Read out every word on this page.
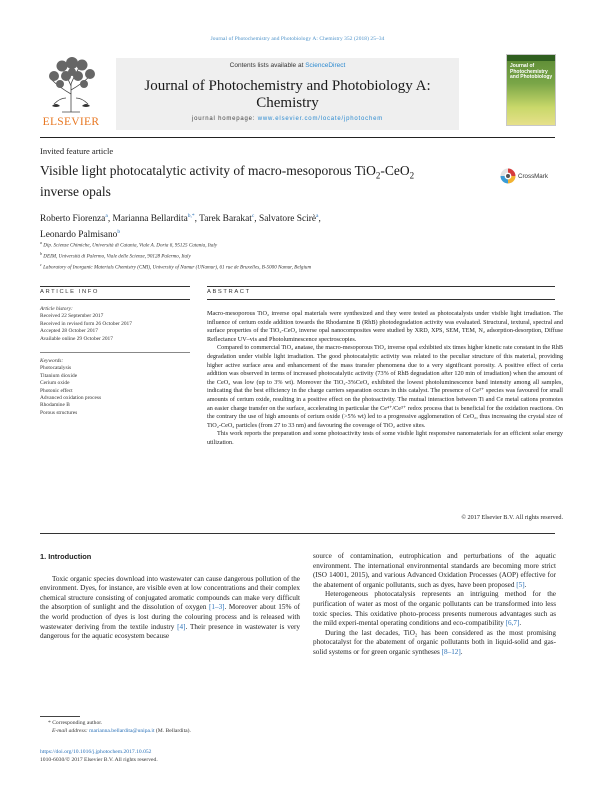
Journal of Photochemistry and Photobiology A: Chemistry 352 (2018) 25–34
ELSEVIER
Contents lists available at ScienceDirect
Journal of Photochemistry and Photobiology A: Chemistry
journal homepage: www.elsevier.com/locate/jphotochem
Journal of Photochemistry and Photobiology
Invited feature article
Visible light photocatalytic activity of macro-mesoporous TiO$_2$-CeO$_2$
inverse opals
CrossMark
Roberto Fiorenza$^a$, Marianna Bellardita$^{b,*}$, Tarek Barakat$^c$, Salvatore Scirè$^a$,
Leonardo Palmisano$^b$
$^a$ Dip. Scienze Chimiche, Università di Catania, Viale A. Doria 6, 95125 Catania, Italy
$^b$ DEIM, Università di Palermo, Viale delle Scienze, 90128 Palermo, Italy
$^c$ Laboratory of Inorganic Materials Chemistry (CMI), University of Namur (UNamur), 61 rue de Bruxelles, B-5000 Namur, Belgium
ARTICLE INFO	ABSTRACT
Article history:
Received 22 September 2017
Received in revised form 26 October 2017
Accepted 28 October 2017
Available online 29 October 2017
Keywords:
Photocatalysis
Titanium dioxide
Cerium oxide
Photonic effect
Advanced oxidation process
Rhodamine B
Porous structures

Macro-mesoporous TiO₂ inverse opal materials were synthesized and they were tested as photocatalysts under visible light irradiation. The influence of cerium oxide addition towards the Rhodamine B (RhB) photodegradation activity was evaluated. Structural, textural, spectral and surface properties of the TiO₂-CeO₂ inverse opal nanocomposites were studied by XRD, XPS, SEM, TEM, N₂ adsorption-desorption, Diffuse Reflectance UV–vis and Photoluminescence spectroscopies.

Compared to commercial TiO₂ anatase, the macro-mesoporous TiO₂ inverse opal exhibited six times higher kinetic rate constant in the RhB degradation under visible light irradiation. The good photocatalytic activity was related to the peculiar structure of this material, providing higher active surface area and enhancement of the mass transfer phenomena due to a very significant porosity. A positive effect of ceria addition was observed in terms of increased photocatalytic activity (73% of RhB degradation after 120 min of irradiation) when the amount of the CeO₂ was low (up to 3% wt). Moreover the TiO₂-3%CeO₂ exhibited the lowest photoluminescence band intensity among all samples, indicating that the best efficiency in the charge carriers separation occurs in this catalyst. The presence of Ce³⁺ species was favoured for small amounts of cerium oxide, resulting in a positive effect on the photoactivity. The mutual interaction between Ti and Ce metal cations promotes an easier charge transfer on the surface, accelerating in particular the Ce⁴⁺/Ce³⁺ redox process that is beneficial for the oxidation reactions. On the contrary the use of high amounts of cerium oxide (>5% wt) led to a progressive agglomeration of CeO₂, thus increasing the crystal size of TiO₂-CeO₂ particles (from 27 to 33 nm) and favouring the coverage of TiO₂ active sites.

This work reports the preparation and some photoactivity tests of some visible light responsive nanomaterials for an efficient solar energy utilization.

© 2017 Elsevier B.V. All rights reserved.

1. Introduction

Toxic organic species download into wastewater can cause dangerous pollution of the environment. Dyes, for instance, are visible even at low concentrations and their complex chemical structure consisting of conjugated aromatic compounds can make very difficult the absorption of sunlight and the dissolution of oxygen [1–3]. Moreover about 15% of the world production of dyes is lost during the colouring process and is released with wastewater deriving from the textile industry [4]. Their presence in wastewater is very dangerous for the aquatic ecosystem because

source of contamination, eutrophication and perturbations of the aquatic environment. The international environmental standards are becoming more strict (ISO 14001, 2015), and various Advanced Oxidation Processes (AOP) effective for the abatement of organic pollutants, such as dyes, have been proposed [5].

Heterogeneous photocatalysis represents an intriguing method for the purification of water as most of the organic pollutants can be transformed into less toxic species. This oxidative photo-process presents numerous advantages such as the mild experi-mental operating conditions and eco-compatibility [6,7].

During the last decades, TiO₂ has been considered as the most promising photocatalyst for the abatement of organic pollutants both in liquid-solid and gas-solid systems or for green organic syntheses [8–12].

* Corresponding author.
E-mail address: marianna.bellardita@unipa.it (M. Bellardita).
https://doi.org/10.1016/j.jphotochem.2017.10.052
1010-6030/© 2017 Elsevier B.V. All rights reserved.
